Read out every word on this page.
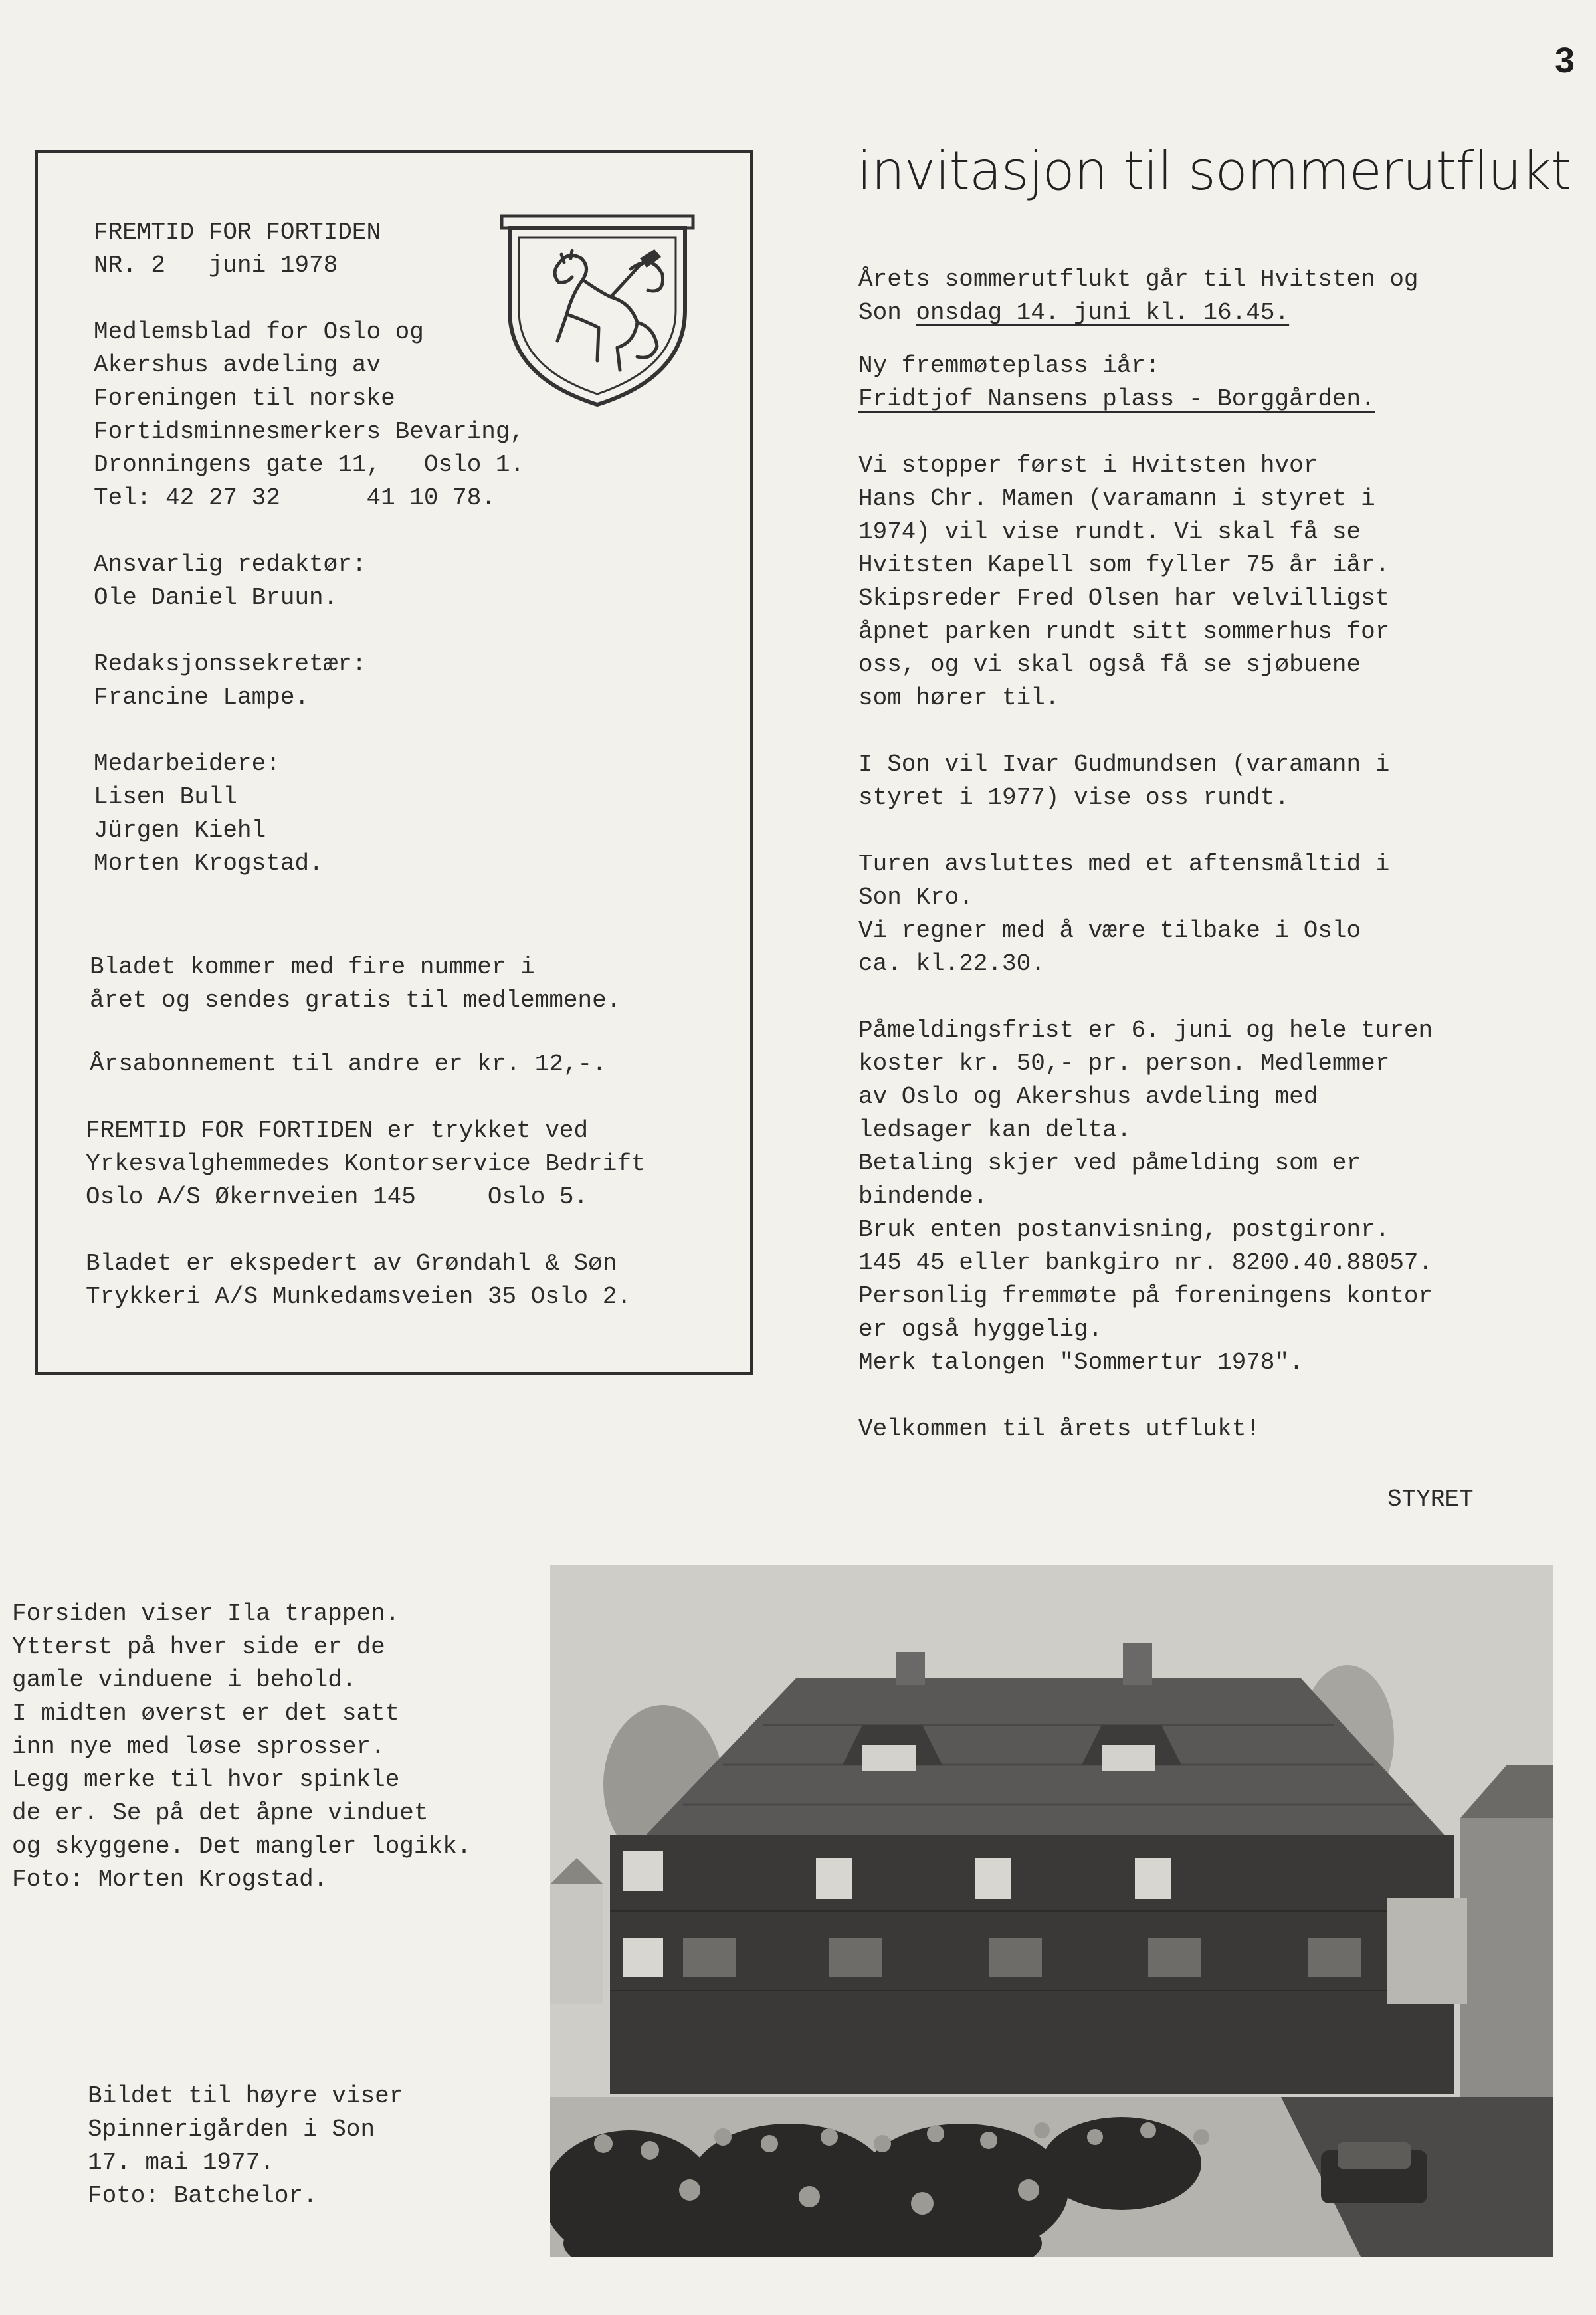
3
FREMTID FOR FORTIDEN
NR. 2   juni 1978
Medlemsblad for Oslo og
Akershus avdeling av
Foreningen til norske
Fortidsminnesmerkers Bevaring,
Dronningens gate 11,   Oslo 1.
Tel: 42 27 32      41 10 78.
Ansvarlig redaktør:
Ole Daniel Bruun.
Redaksjonssekretær:
Francine Lampe.
Medarbeidere:
Lisen Bull
Jürgen Kiehl
Morten Krogstad.
Bladet kommer med fire nummer i
året og sendes gratis til medlemmene.
Årsabonnement til andre er kr. 12,-.
FREMTID FOR FORTIDEN er trykket ved
Yrkesvalghemmedes Kontorservice Bedrift
Oslo A/S Økernveien 145     Oslo 5.
Bladet er ekspedert av Grøndahl & Søn
Trykkeri A/S Munkedamsveien 35 Oslo 2.
invitasjon til sommerutflukt
Årets sommerutflukt går til Hvitsten og
Son onsdag 14. juni kl. 16.45.
Ny fremmøteplass iår:
Fridtjof Nansens plass - Borggården.
Vi stopper først i Hvitsten hvor
Hans Chr. Mamen (varamann i styret i
1974) vil vise rundt. Vi skal få se
Hvitsten Kapell som fyller 75 år iår.
Skipsreder Fred Olsen har velvilligst
åpnet parken rundt sitt sommerhus for
oss, og vi skal også få se sjøbuene
som hører til.
I Son vil Ivar Gudmundsen (varamann i
styret i 1977) vise oss rundt.
Turen avsluttes med et aftensmåltid i
Son Kro.
Vi regner med å være tilbake i Oslo
ca. kl.22.30.
Påmeldingsfrist er 6. juni og hele turen
koster kr. 50,- pr. person. Medlemmer
av Oslo og Akershus avdeling med
ledsager kan delta.
Betaling skjer ved påmelding som er
bindende.
Bruk enten postanvisning, postgironr.
145 45 eller bankgiro nr. 8200.40.88057.
Personlig fremmøte på foreningens kontor
er også hyggelig.
Merk talongen "Sommertur 1978".
Velkommen til årets utflukt!
STYRET
Forsiden viser Ila trappen.
Ytterst på hver side er de
gamle vinduene i behold.
I midten øverst er det satt
inn nye med løse sprosser.
Legg merke til hvor spinkle
de er. Se på det åpne vinduet
og skyggene. Det mangler logikk.
Foto: Morten Krogstad.
Bildet til høyre viser
Spinnerigården i Son
17. mai 1977.
Foto: Batchelor.
